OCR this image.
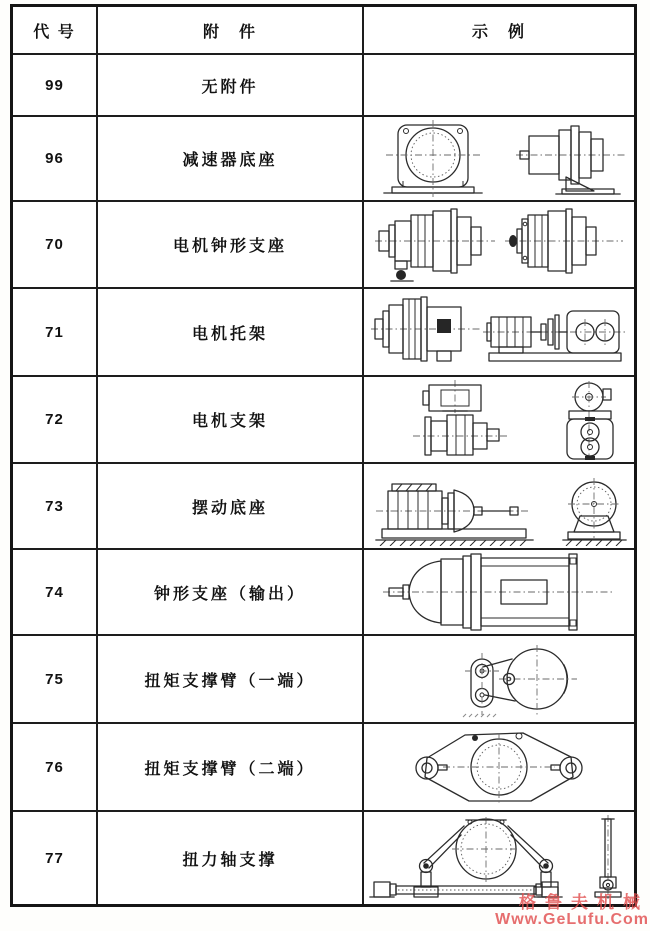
代 号	附　件	示　例
99	无附件
96	减速器底座
70	电机钟形支座
71	电机托架
72	电机支架
73	摆动底座
74	钟形支座（输出）
75	扭矩支撑臂（一端）
76	扭矩支撑臂（二端）
77	扭力轴支撑
格鲁夫机械
Www.GeLufu.Com
